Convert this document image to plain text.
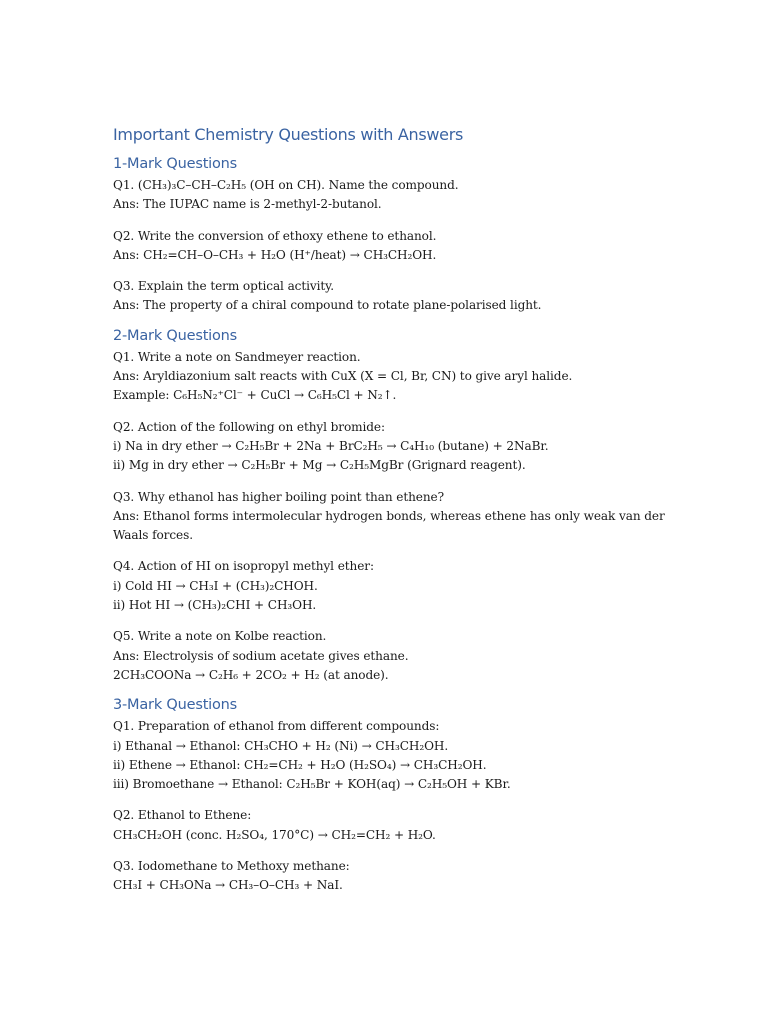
Important Chemistry Questions with Answers
1-Mark Questions
Q1. (CH₃)₃C–CH–C₂H₅ (OH on CH). Name the compound.
Ans: The IUPAC name is 2-methyl-2-butanol.
Q2. Write the conversion of ethoxy ethene to ethanol.
Ans: CH₂=CH–O–CH₃ + H₂O (H⁺/heat) → CH₃CH₂OH.
Q3. Explain the term optical activity.
Ans: The property of a chiral compound to rotate plane-polarised light.
2-Mark Questions
Q1. Write a note on Sandmeyer reaction.
Ans: Aryldiazonium salt reacts with CuX (X = Cl, Br, CN) to give aryl halide.
Example: C₆H₅N₂⁺Cl⁻ + CuCl → C₆H₅Cl + N₂↑.
Q2. Action of the following on ethyl bromide:
i) Na in dry ether → C₂H₅Br + 2Na + BrC₂H₅ → C₄H₁₀ (butane) + 2NaBr.
ii) Mg in dry ether → C₂H₅Br + Mg → C₂H₅MgBr (Grignard reagent).
Q3. Why ethanol has higher boiling point than ethene?
Ans: Ethanol forms intermolecular hydrogen bonds, whereas ethene has only weak van der Waals forces.
Q4. Action of HI on isopropyl methyl ether:
i) Cold HI → CH₃I + (CH₃)₂CHOH.
ii) Hot HI → (CH₃)₂CHI + CH₃OH.
Q5. Write a note on Kolbe reaction.
Ans: Electrolysis of sodium acetate gives ethane.
2CH₃COONa → C₂H₆ + 2CO₂ + H₂ (at anode).
3-Mark Questions
Q1. Preparation of ethanol from different compounds:
i) Ethanal → Ethanol: CH₃CHO + H₂ (Ni) → CH₃CH₂OH.
ii) Ethene → Ethanol: CH₂=CH₂ + H₂O (H₂SO₄) → CH₃CH₂OH.
iii) Bromoethane → Ethanol: C₂H₅Br + KOH(aq) → C₂H₅OH + KBr.
Q2. Ethanol to Ethene:
CH₃CH₂OH (conc. H₂SO₄, 170°C) → CH₂=CH₂ + H₂O.
Q3. Iodomethane to Methoxy methane:
CH₃I + CH₃ONa → CH₃–O–CH₃ + NaI.
